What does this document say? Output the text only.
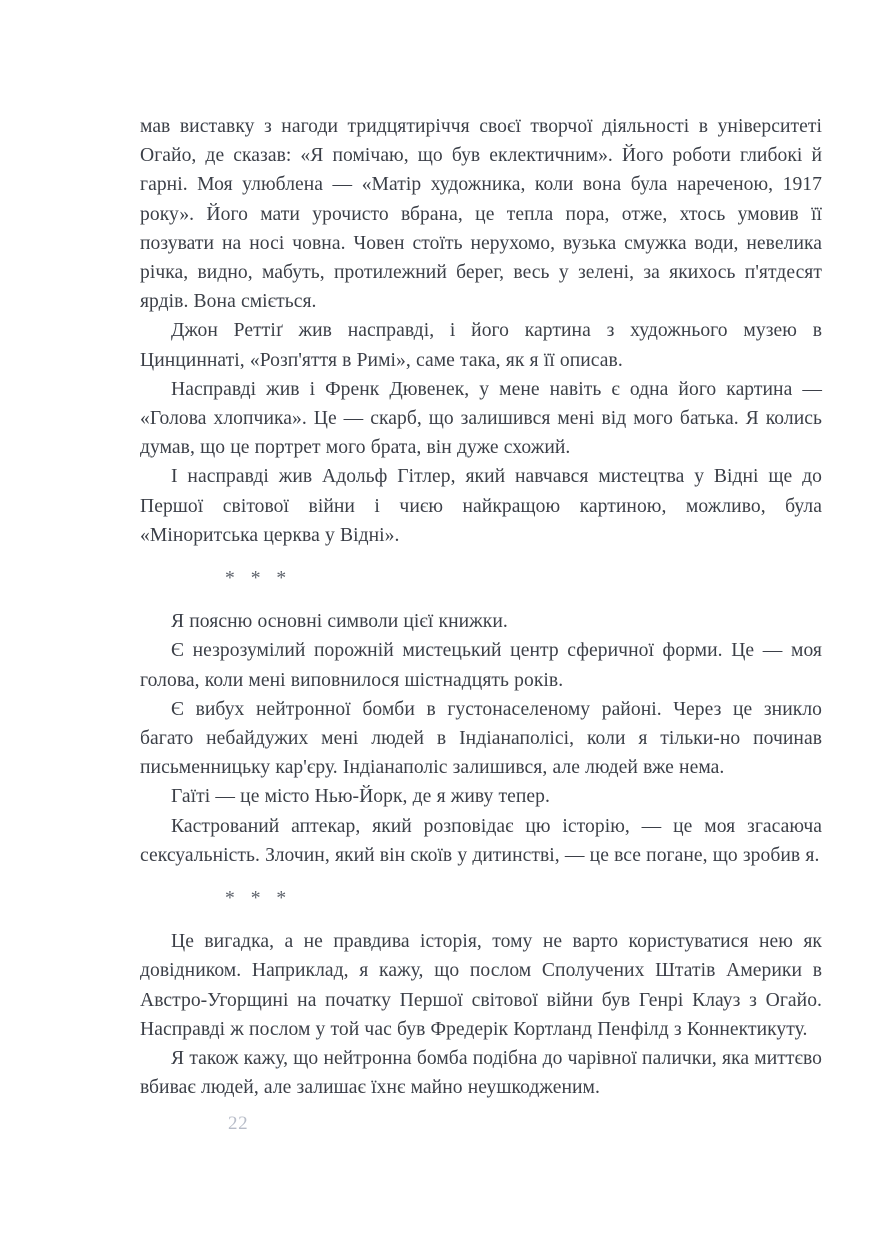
мав виставку з нагоди тридцятиріччя своєї творчої діяльності в університеті Огайо, де сказав: «Я помічаю, що був еклектичним». Його роботи глибокі й гарні. Моя улюблена — «Матір художника, коли вона була нареченою, 1917 року». Його мати урочисто вбрана, це тепла пора, отже, хтось умовив її позувати на носі човна. Човен стоїть нерухомо, вузька смужка води, невелика річка, видно, мабуть, протилежний берег, весь у зелені, за якихось п'ятдесят ярдів. Вона сміється.

Джон Реттіґ жив насправді, і його картина з художнього музею в Цинциннаті, «Розп'яття в Римі», саме така, як я її описав.

Насправді жив і Френк Дювенек, у мене навіть є одна його картина — «Голова хлопчика». Це — скарб, що залишився мені від мого батька. Я колись думав, що це портрет мого брата, він дуже схожий.

І насправді жив Адольф Гітлер, який навчався мистецтва у Відні ще до Першої світової війни і чиєю найкращою картиною, можливо, була «Міноритська церква у Відні».

* * *

Я поясню основні символи цієї книжки.

Є незрозумілий порожній мистецький центр сферичної форми. Це — моя голова, коли мені виповнилося шістнадцять років.

Є вибух нейтронної бомби в густонаселеному районі. Через це зникло багато небайдужих мені людей в Індіанаполісі, коли я тільки-но починав письменницьку кар'єру. Індіанаполіс залишився, але людей вже нема.

Гаїті — це місто Нью-Йорк, де я живу тепер.

Кастрований аптекар, який розповідає цю історію, — це моя згасаюча сексуальність. Злочин, який він скоїв у дитинстві, — це все погане, що зробив я.

* * *

Це вигадка, а не правдива історія, тому не варто користуватися нею як довідником. Наприклад, я кажу, що послом Сполучених Штатів Америки в Австро-Угорщині на початку Першої світової війни був Генрі Клауз з Огайо. Насправді ж послом у той час був Фредерік Кортланд Пенфілд з Коннектикуту.

Я також кажу, що нейтронна бомба подібна до чарівної палички, яка миттєво вбиває людей, але залишає їхнє майно неушкодженим.

22
